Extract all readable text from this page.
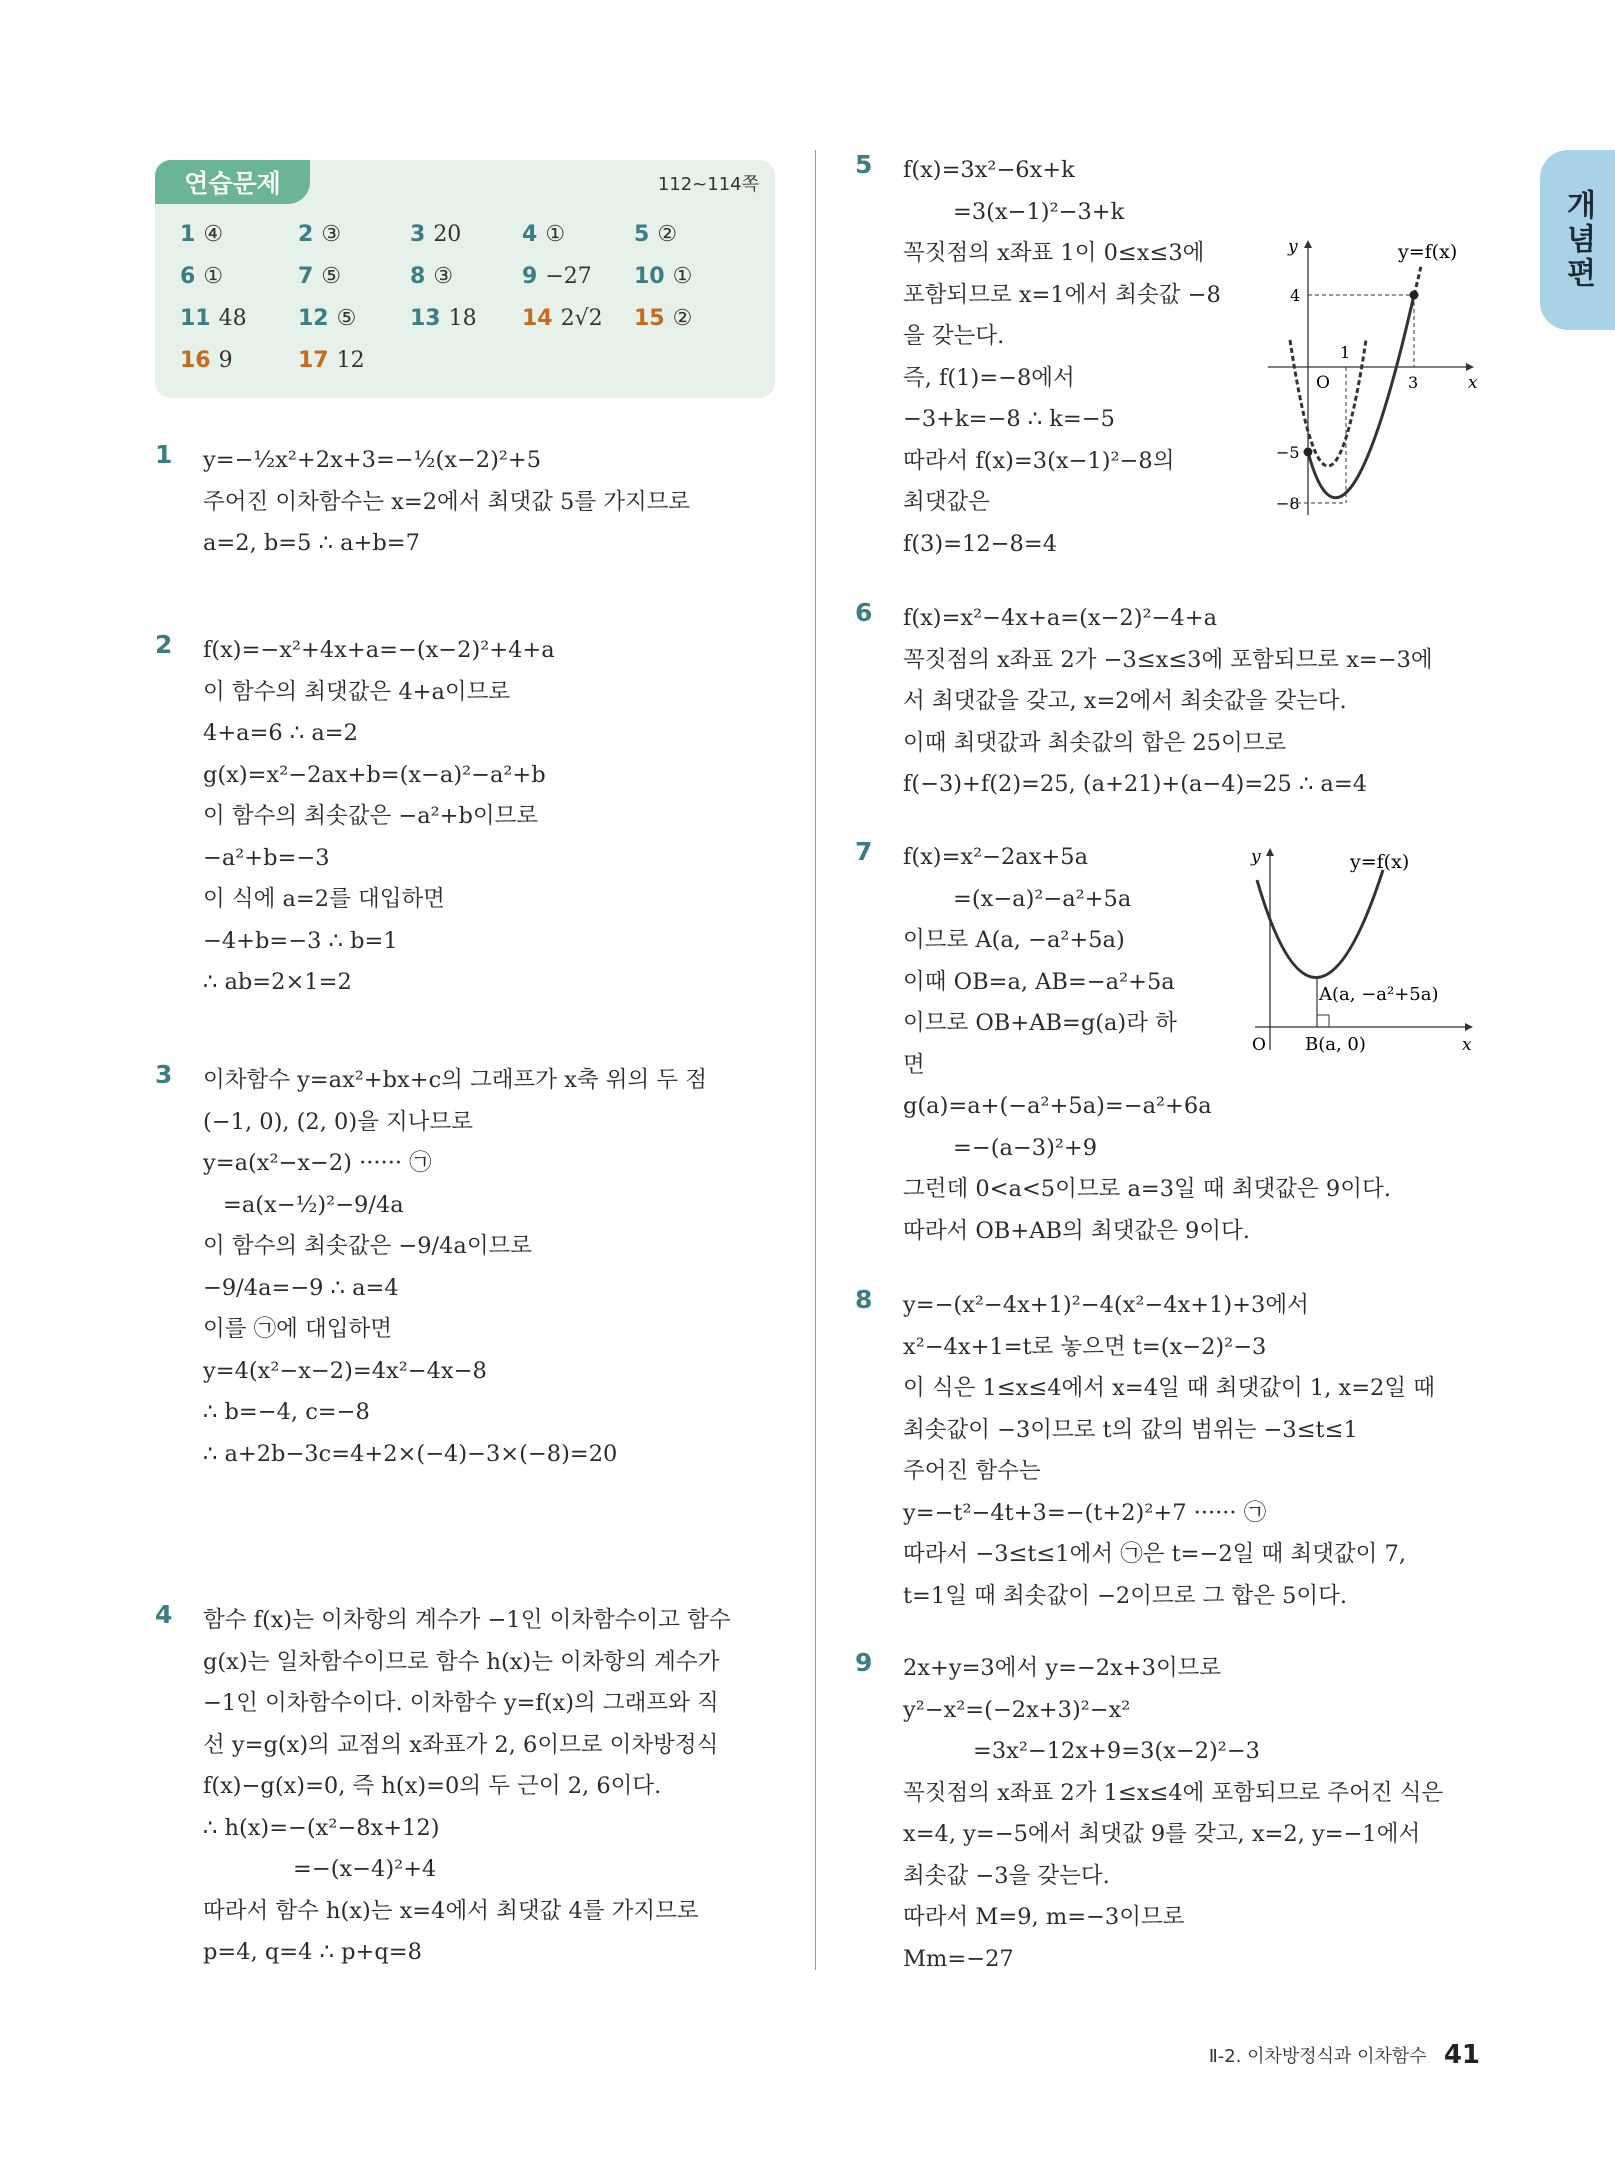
개념편
연습문제	112~114쪽
1 ④	2 ③	3 20	4 ①	5 ②
6 ①	7 ⑤	8 ③	9 −27	10 ①
11 48	12 ⑤	13 18	14 2√2	15 ②
16 9	17 12
1 y=−½x²+2x+3=−½(x−2)²+5
주어진 이차함수는 x=2에서 최댓값 5를 가지므로
a=2, b=5 ∴ a+b=7
2 f(x)=−x²+4x+a=−(x−2)²+4+a
이 함수의 최댓값은 4+a이므로
4+a=6 ∴ a=2
g(x)=x²−2ax+b=(x−a)²−a²+b
이 함수의 최솟값은 −a²+b이므로
−a²+b=−3
이 식에 a=2를 대입하면
−4+b=−3 ∴ b=1
∴ ab=2×1=2
3 이차함수 y=ax²+bx+c의 그래프가 x축 위의 두 점
(−1, 0), (2, 0)을 지나므로
y=a(x²−x−2) ······ ㉠
=a(x−½)²−9/4a
이 함수의 최솟값은 −9/4a이므로
−9/4a=−9 ∴ a=4
이를 ㉠에 대입하면
y=4(x²−x−2)=4x²−4x−8
∴ b=−4, c=−8
∴ a+2b−3c=4+2×(−4)−3×(−8)=20
4 함수 f(x)는 이차항의 계수가 −1인 이차함수이고 함수
g(x)는 일차함수이므로 함수 h(x)는 이차항의 계수가
−1인 이차함수이다. 이차함수 y=f(x)의 그래프와 직
선 y=g(x)의 교점의 x좌표가 2, 6이므로 이차방정식
f(x)−g(x)=0, 즉 h(x)=0의 두 근이 2, 6이다.
∴ h(x)=−(x²−8x+12)
=−(x−4)²+4
따라서 함수 h(x)는 x=4에서 최댓값 4를 가지므로
p=4, q=4 ∴ p+q=8
5 f(x)=3x²−6x+k
=3(x−1)²−3+k
꼭짓점의 x좌표 1이 0≤x≤3에
포함되므로 x=1에서 최솟값 −8
을 갖는다.
즉, f(1)=−8에서
−3+k=−8 ∴ k=−5
따라서 f(x)=3(x−1)²−8의
최댓값은
f(3)=12−8=4
y	y=f(x)
x
O
1
3
4
−5
−8
6 f(x)=x²−4x+a=(x−2)²−4+a
꼭짓점의 x좌표 2가 −3≤x≤3에 포함되므로 x=−3에
서 최댓값을 갖고, x=2에서 최솟값을 갖는다.
이때 최댓값과 최솟값의 합은 25이므로
f(−3)+f(2)=25, (a+21)+(a−4)=25 ∴ a=4
7 f(x)=x²−2ax+5a
=(x−a)²−a²+5a
이므로 A(a, −a²+5a)
이때 OB=a, AB=−a²+5a
이므로 OB+AB=g(a)라 하
면
g(a)=a+(−a²+5a)=−a²+6a
=−(a−3)²+9
그런데 0<a<5이므로 a=3일 때 최댓값은 9이다.
따라서 OB+AB의 최댓값은 9이다.
y	y=f(x)
x
O
A(a, −a²+5a)
B(a, 0)
8 y=−(x²−4x+1)²−4(x²−4x+1)+3에서
x²−4x+1=t로 놓으면 t=(x−2)²−3
이 식은 1≤x≤4에서 x=4일 때 최댓값이 1, x=2일 때
최솟값이 −3이므로 t의 값의 범위는 −3≤t≤1
주어진 함수는
y=−t²−4t+3=−(t+2)²+7 ······ ㉠
따라서 −3≤t≤1에서 ㉠은 t=−2일 때 최댓값이 7,
t=1일 때 최솟값이 −2이므로 그 합은 5이다.
9 2x+y=3에서 y=−2x+3이므로
y²−x²=(−2x+3)²−x²
=3x²−12x+9=3(x−2)²−3
꼭짓점의 x좌표 2가 1≤x≤4에 포함되므로 주어진 식은
x=4, y=−5에서 최댓값 9를 갖고, x=2, y=−1에서
최솟값 −3을 갖는다.
따라서 M=9, m=−3이므로
Mm=−27
Ⅱ-2. 이차방정식과 이차함수 41
